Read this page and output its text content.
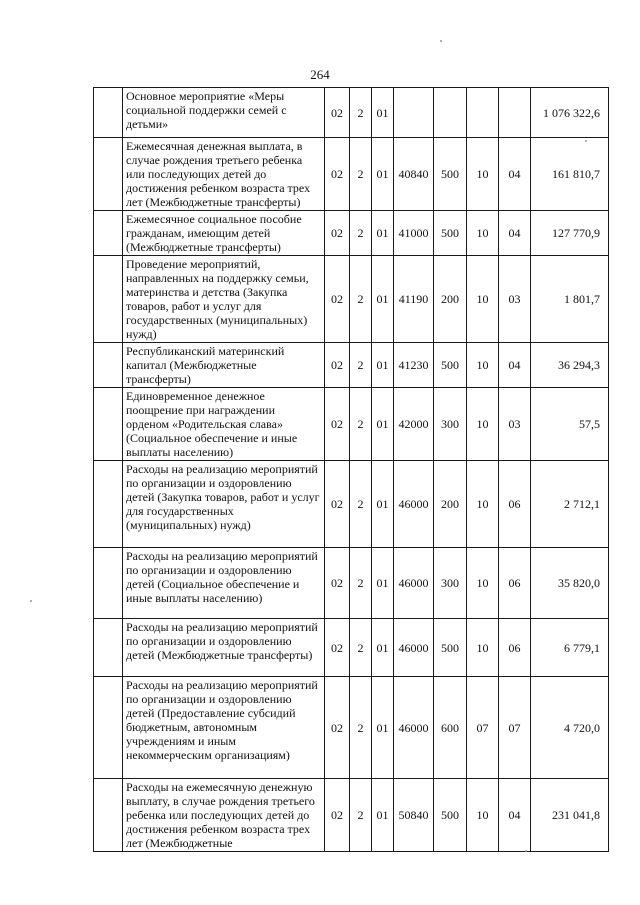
264
	Основное мероприятие «Меры социальной поддержки семей с детьми»	02	2	01					1 076 322,6
	Ежемесячная денежная выплата, в случае рождения третьего ребенка или последующих детей до достижения ребенком возраста трех лет (Межбюджетные трансферты)	02	2	01	40840	500	10	04	161 810,7
	Ежемесячное социальное пособие гражданам, имеющим детей (Межбюджетные трансферты)	02	2	01	41000	500	10	04	127 770,9
	Проведение мероприятий, направленных на поддержку семьи, материнства и детства (Закупка товаров, работ и услуг для государственных (муниципальных) нужд)	02	2	01	41190	200	10	03	1 801,7
	Республиканский материнский капитал (Межбюджетные трансферты)	02	2	01	41230	500	10	04	36 294,3
	Единовременное денежное поощрение при награждении орденом «Родительская слава» (Социальное обеспечение и иные выплаты населению)	02	2	01	42000	300	10	03	57,5
	Расходы на реализацию мероприятий по организации и оздоровлению детей (Закупка товаров, работ и услуг для государственных (муниципальных) нужд)	02	2	01	46000	200	10	06	2 712,1
	Расходы на реализацию мероприятий по организации и оздоровлению детей (Социальное обеспечение и иные выплаты населению)	02	2	01	46000	300	10	06	35 820,0
	Расходы на реализацию мероприятий по организации и оздоровлению детей (Межбюджетные трансферты)	02	2	01	46000	500	10	06	6 779,1
	Расходы на реализацию мероприятий по организации и оздоровлению детей (Предоставление субсидий бюджетным, автономным учреждениям и иным некоммерческим организациям)	02	2	01	46000	600	07	07	4 720,0
	Расходы на ежемесячную денежную выплату, в случае рождения третьего ребенка или последующих детей до достижения ребенком возраста трех лет (Межбюджетные	02	2	01	50840	500	10	04	231 041,8
